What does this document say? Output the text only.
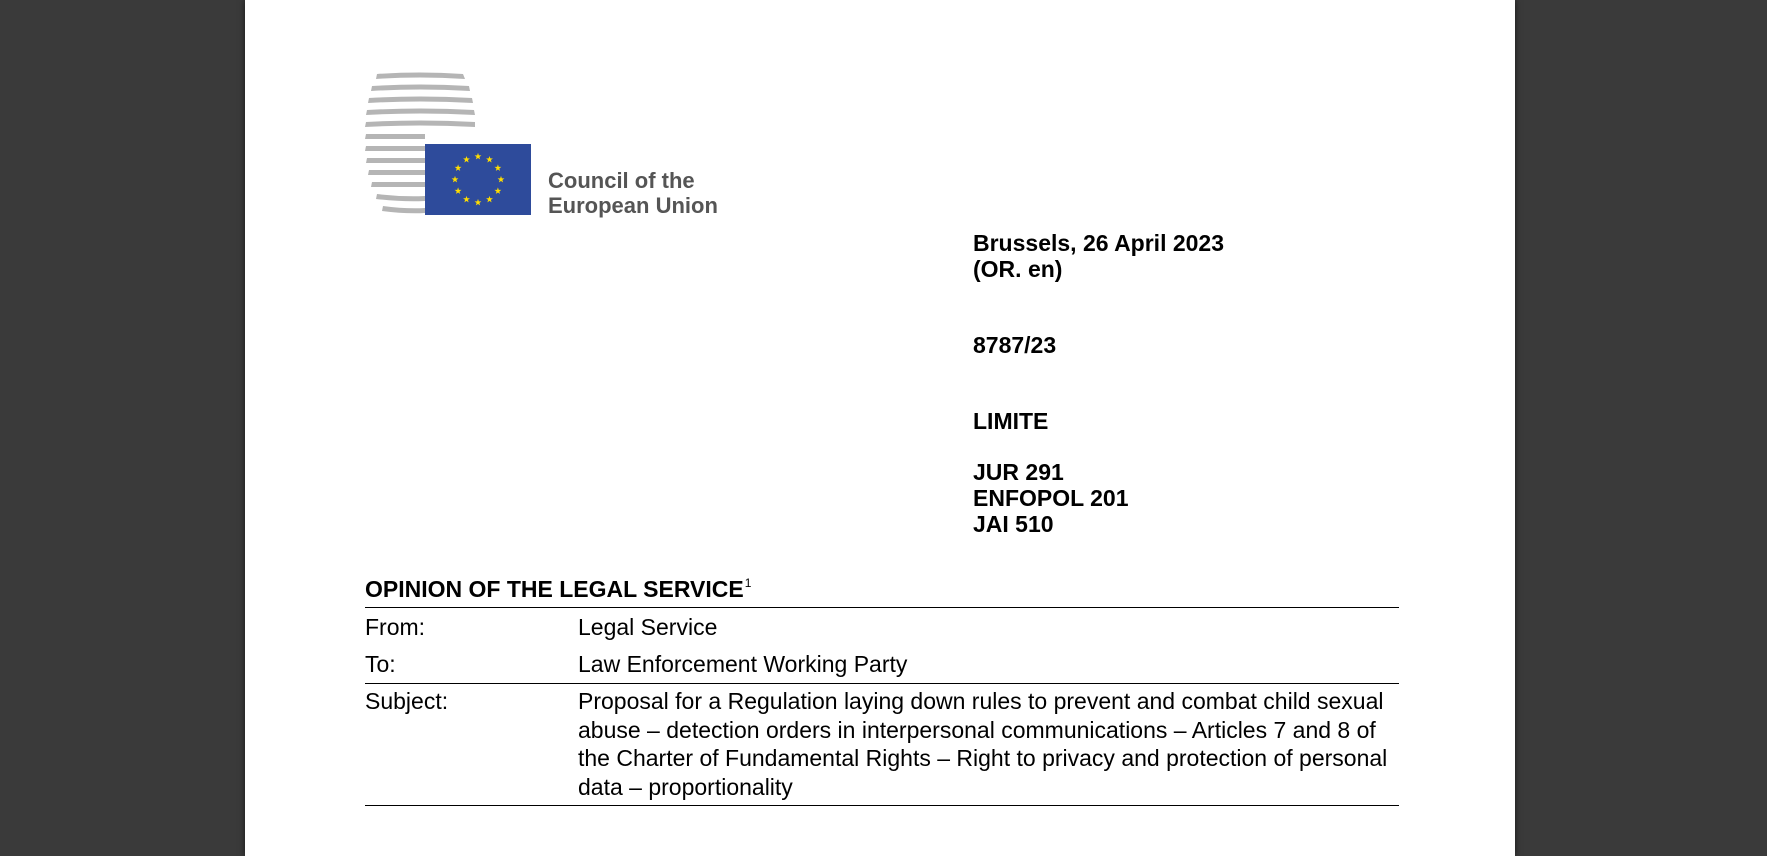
Council of the
European Union
Brussels, 26 April 2023
(OR. en)
8787/23
LIMITE
JUR 291
ENFOPOL 201
JAI 510
OPINION OF THE LEGAL SERVICE$^1$
From:	Legal Service
To:	Law Enforcement Working Party
Subject:	Proposal for a Regulation laying down rules to prevent and combat child sexual abuse – detection orders in interpersonal communications – Articles 7 and 8 of the Charter of Fundamental Rights – Right to privacy and protection of personal data – proportionality
